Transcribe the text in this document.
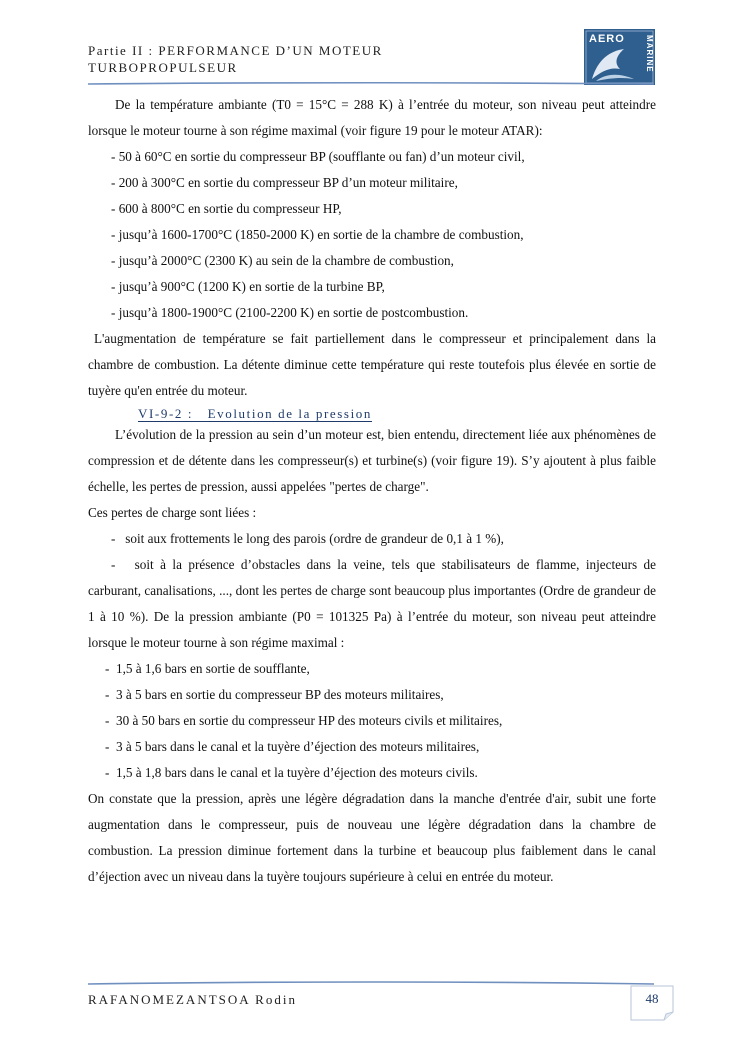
Partie II : PERFORMANCE D’UN MOTEUR TURBOPROPULSEUR
AERO	MARINE

De la température ambiante (T0 = 15°C = 288 K) à l’entrée du moteur, son niveau peut atteindre lorsque le moteur tourne à son régime maximal (voir figure 19 pour le moteur ATAR):

- 50 à 60°C en sortie du compresseur BP (soufflante ou fan) d’un moteur civil,

- 200 à 300°C en sortie du compresseur BP d’un moteur militaire,

- 600 à 800°C en sortie du compresseur HP,

- jusqu’à 1600-1700°C (1850-2000 K) en sortie de la chambre de combustion,

- jusqu’à 2000°C (2300 K) au sein de la chambre de combustion,

- jusqu’à 900°C (1200 K) en sortie de la turbine BP,

- jusqu’à 1800-1900°C (2100-2200 K) en sortie de postcombustion.

L'augmentation de température se fait partiellement dans le compresseur et principalement dans la chambre de combustion. La détente diminue cette température qui reste toutefois plus élevée en sortie de tuyère qu'en entrée du moteur.

VI-9-2 :   Evolution de la pression

L’évolution de la pression au sein d’un moteur est, bien entendu, directement liée aux phénomènes de compression et de détente dans les compresseur(s) et turbine(s) (voir figure 19). S’y ajoutent à plus faible échelle, les pertes de pression, aussi appelées "pertes de charge".

Ces pertes de charge sont liées :

-   soit aux frottements le long des parois (ordre de grandeur de 0,1 à 1 %),

-   soit à la présence d’obstacles dans la veine, tels que stabilisateurs de flamme, injecteurs de carburant, canalisations, ..., dont les pertes de charge sont beaucoup plus importantes (Ordre de grandeur de 1 à 10 %). De la pression ambiante (P0 = 101325 Pa) à l’entrée du moteur, son niveau peut atteindre lorsque le moteur tourne à son régime maximal :

-  1,5 à 1,6 bars en sortie de soufflante,

-  3 à 5 bars en sortie du compresseur BP des moteurs militaires,

-  30 à 50 bars en sortie du compresseur HP des moteurs civils et militaires,

-  3 à 5 bars dans le canal et la tuyère d’éjection des moteurs militaires,

-  1,5 à 1,8 bars dans le canal et la tuyère d’éjection des moteurs civils.

On constate que la pression, après une légère dégradation dans la manche d'entrée d'air, subit une forte augmentation dans le compresseur, puis de nouveau une légère dégradation dans la chambre de combustion. La pression diminue fortement dans la turbine et beaucoup plus faiblement dans le canal d’éjection avec un niveau dans la tuyère toujours supérieure à celui en entrée du moteur.

RAFANOMEZANTSOA Rodin	48
